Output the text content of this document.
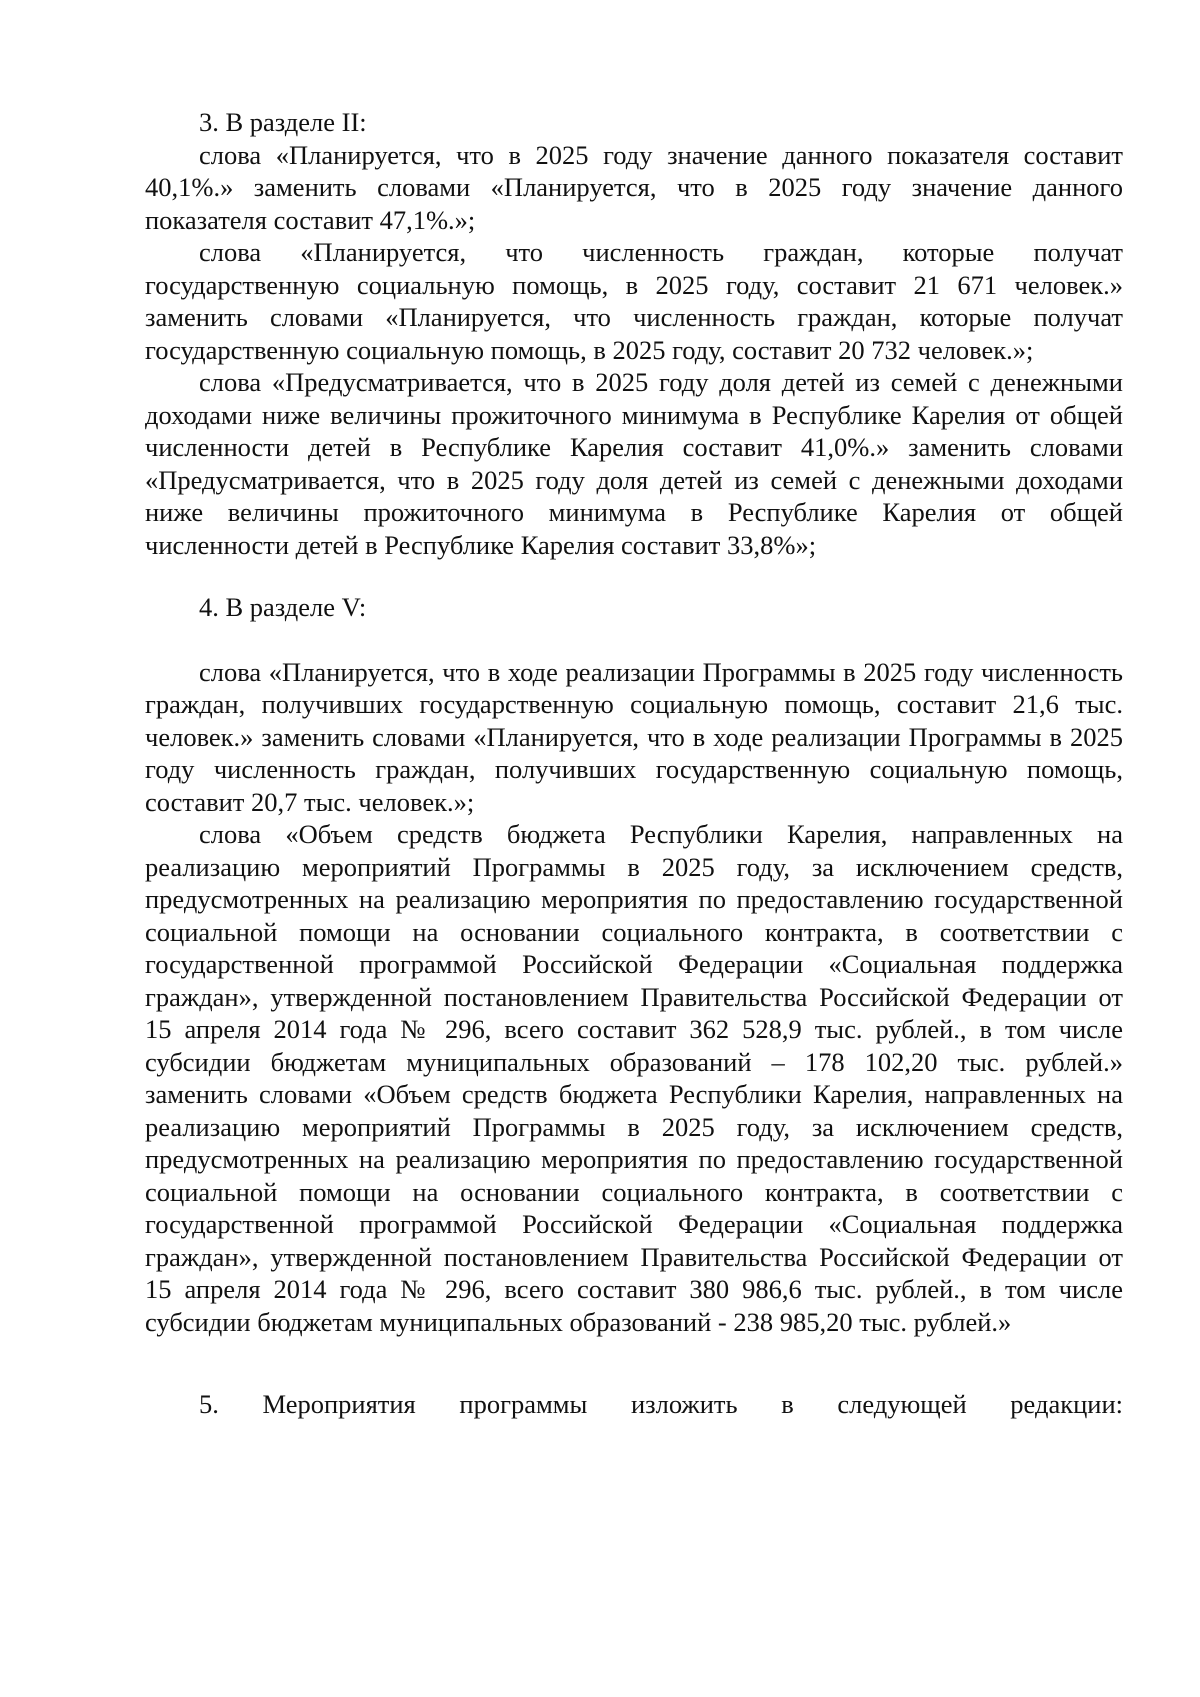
3. В разделе II:

слова «Планируется, что в 2025 году значение данного показателя составит 40,1%.» заменить словами «Планируется, что в 2025 году значение данного показателя составит 47,1%.»;

слова «Планируется, что численность граждан, которые получат государственную социальную помощь, в 2025 году, составит 21 671 человек.» заменить словами «Планируется, что численность граждан, которые получат государственную социальную помощь, в 2025 году, составит 20 732 человек.»;

слова «Предусматривается, что в 2025 году доля детей из семей с денежными доходами ниже величины прожиточного минимума в Республике Карелия от общей численности детей в Республике Карелия составит 41,0%.» заменить словами «Предусматривается, что в 2025 году доля детей из семей с денежными доходами ниже величины прожиточного минимума в Республике Карелия от общей численности детей в Республике Карелия составит 33,8%»;

4. В разделе V:

слова «Планируется, что в ходе реализации Программы в 2025 году численность граждан, получивших государственную социальную помощь, составит 21,6 тыс. человек.» заменить словами «Планируется, что в ходе реализации Программы в 2025 году численность граждан, получивших государственную социальную помощь, составит 20,7 тыс. человек.»;

слова «Объем средств бюджета Республики Карелия, направленных на реализацию мероприятий Программы в 2025 году, за исключением средств, предусмотренных на реализацию мероприятия по предоставлению государственной социальной помощи на основании социального контракта, в соответствии с государственной программой Российской Федерации «Социальная поддержка граждан», утвержденной постановлением Правительства Российской Федерации от 15 апреля 2014 года № 296, всего составит 362 528,9 тыс. рублей., в том числе субсидии бюджетам муниципальных образований – 178 102,20 тыс. рублей.» заменить словами «Объем средств бюджета Республики Карелия, направленных на реализацию мероприятий Программы в 2025 году, за исключением средств, предусмотренных на реализацию мероприятия по предоставлению государственной социальной помощи на основании социального контракта, в соответствии с государственной программой Российской Федерации «Социальная поддержка граждан», утвержденной постановлением Правительства Российской Федерации от 15 апреля 2014 года № 296, всего составит 380 986,6 тыс. рублей., в том числе субсидии бюджетам муниципальных образований - 238 985,20 тыс. рублей.»

5. Мероприятия программы изложить в следующей редакции:
